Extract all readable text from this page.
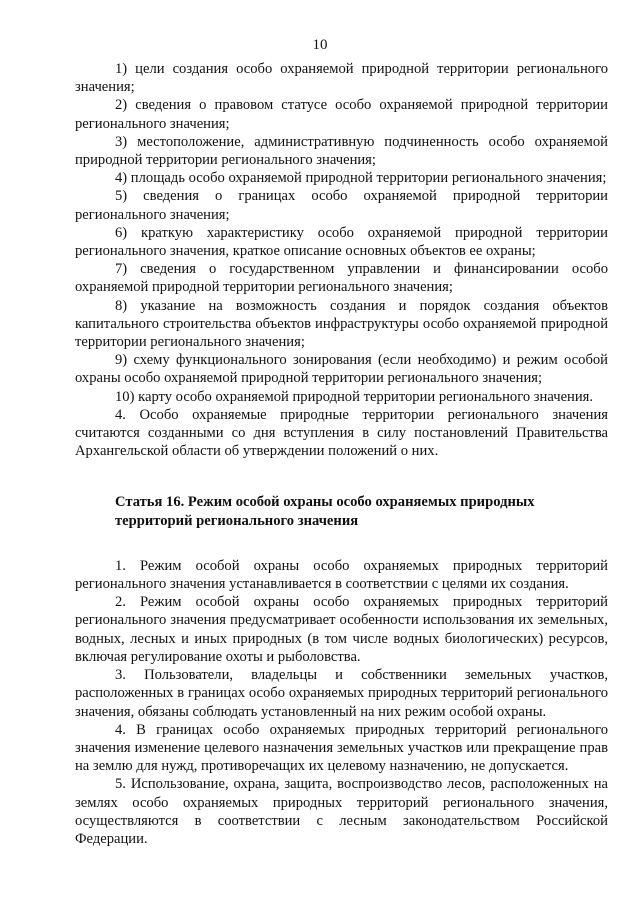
10

1) цели создания особо охраняемой природной территории регионального значения;

2) сведения о правовом статусе особо охраняемой природной территории регионального значения;

3) местоположение, административную подчиненность особо охраняемой природной территории регионального значения;

4) площадь особо охраняемой природной территории регионального значения;

5) сведения о границах особо охраняемой природной территории регионального значения;

6) краткую характеристику особо охраняемой природной территории регионального значения, краткое описание основных объектов ее охраны;

7) сведения о государственном управлении и финансировании особо охраняемой природной территории регионального значения;

8) указание на возможность создания и порядок создания объектов капитального строительства объектов инфраструктуры особо охраняемой природной территории регионального значения;

9) схему функционального зонирования (если необходимо) и режим особой охраны особо охраняемой природной территории регионального значения;

10) карту особо охраняемой природной территории регионального значения.

4. Особо охраняемые природные территории регионального значения считаются созданными со дня вступления в силу постановлений Правительства Архангельской области об утверждении положений о них.

Статья 16. Режим особой охраны особо охраняемых природных
территорий регионального значения

1. Режим особой охраны особо охраняемых природных территорий регионального значения устанавливается в соответствии с целями их создания.

2. Режим особой охраны особо охраняемых природных территорий регионального значения предусматривает особенности использования их земельных, водных, лесных и иных природных (в том числе водных биологических) ресурсов, включая регулирование охоты и рыболовства.

3. Пользователи, владельцы и собственники земельных участков, расположенных в границах особо охраняемых природных территорий регионального значения, обязаны соблюдать установленный на них режим особой охраны.

4. В границах особо охраняемых природных территорий регионального значения изменение целевого назначения земельных участков или прекращение прав на землю для нужд, противоречащих их целевому назначению, не допускается.

5. Использование, охрана, защита, воспроизводство лесов, расположенных на землях особо охраняемых природных территорий регионального значения, осуществляются в соответствии с лесным законодательством Российской Федерации.
